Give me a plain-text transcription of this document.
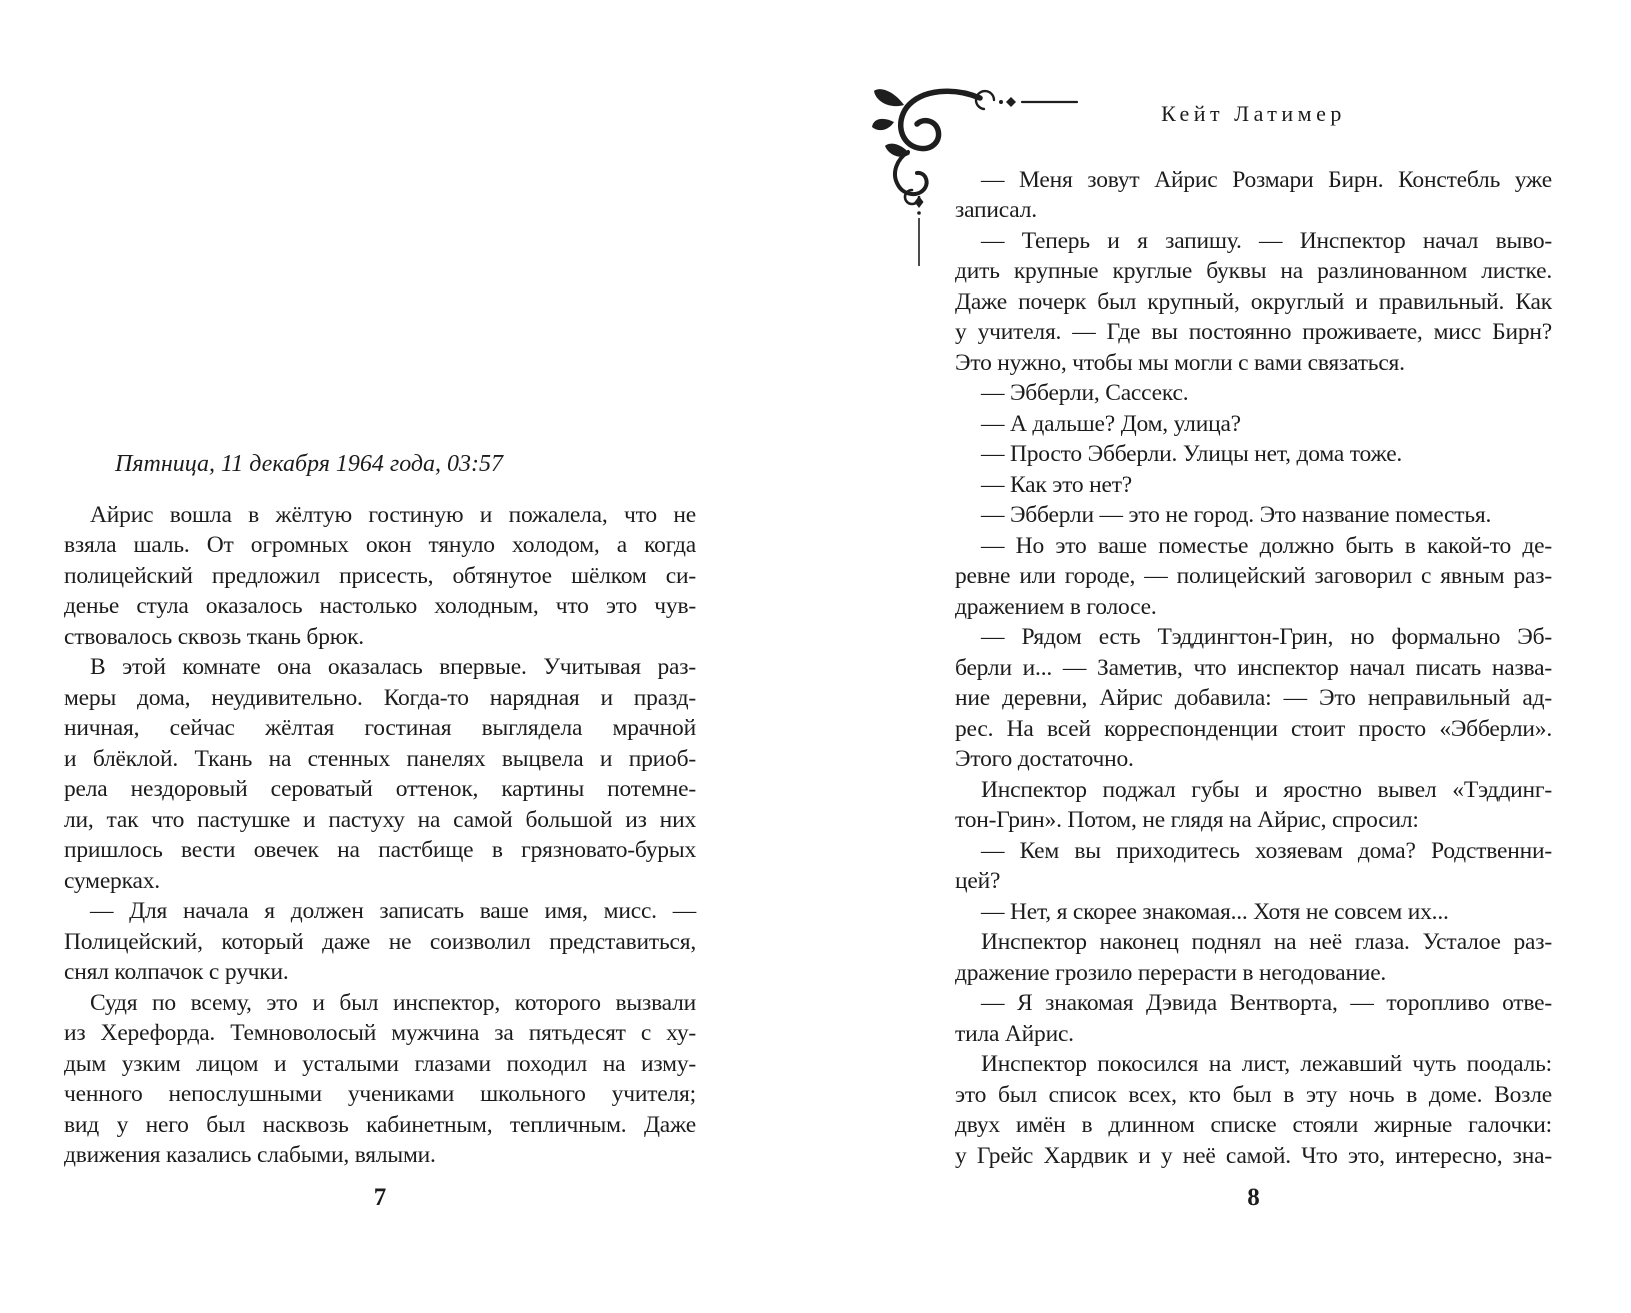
Пятница, 11 декабря 1964 года, 03:57
Айрис вошла в жёлтую гостиную и пожалела, что не
взяла шаль. От огромных окон тянуло холодом, а когда
полицейский предложил присесть, обтянутое шёлком си-
денье стула оказалось настолько холодным, что это чув-
ствовалось сквозь ткань брюк.
В этой комнате она оказалась впервые. Учитывая раз-
меры дома, неудивительно. Когда-то нарядная и празд-
ничная, сейчас жёлтая гостиная выглядела мрачной
и блёклой. Ткань на стенных панелях выцвела и приоб-
рела нездоровый сероватый оттенок, картины потемне-
ли, так что пастушке и пастуху на самой большой из них
пришлось вести овечек на пастбище в грязновато-бурых
сумерках.
— Для начала я должен записать ваше имя, мисс. —
Полицейский, который даже не соизволил представиться,
снял колпачок с ручки.
Судя по всему, это и был инспектор, которого вызвали
из Херефорда. Темноволосый мужчина за пятьдесят с ху-
дым узким лицом и усталыми глазами походил на изму-
ченного непослушными учениками школьного учителя;
вид у него был насквозь кабинетным, тепличным. Даже
движения казались слабыми, вялыми.
7
Кейт Латимер
— Меня зовут Айрис Розмари Бирн. Констебль уже
записал.
— Теперь и я запишу. — Инспектор начал выво-
дить крупные круглые буквы на разлинованном листке.
Даже почерк был крупный, округлый и правильный. Как
у учителя. — Где вы постоянно проживаете, мисс Бирн?
Это нужно, чтобы мы могли с вами связаться.
— Эбберли, Сассекс.
— А дальше? Дом, улица?
— Просто Эбберли. Улицы нет, дома тоже.
— Как это нет?
— Эбберли — это не город. Это название поместья.
— Но это ваше поместье должно быть в какой-то де-
ревне или городе, — полицейский заговорил с явным раз-
дражением в голосе.
— Рядом есть Тэддингтон-Грин, но формально Эб-
берли и... — Заметив, что инспектор начал писать назва-
ние деревни, Айрис добавила: — Это неправильный ад-
рес. На всей корреспонденции стоит просто «Эбберли».
Этого достаточно.
Инспектор поджал губы и яростно вывел «Тэддинг-
тон-Грин». Потом, не глядя на Айрис, спросил:
— Кем вы приходитесь хозяевам дома? Родственни-
цей?
— Нет, я скорее знакомая... Хотя не совсем их...
Инспектор наконец поднял на неё глаза. Усталое раз-
дражение грозило перерасти в негодование.
— Я знакомая Дэвида Вентворта, — торопливо отве-
тила Айрис.
Инспектор покосился на лист, лежавший чуть поодаль:
это был список всех, кто был в эту ночь в доме. Возле
двух имён в длинном списке стояли жирные галочки:
у Грейс Хардвик и у неё самой. Что это, интересно, зна-
8
